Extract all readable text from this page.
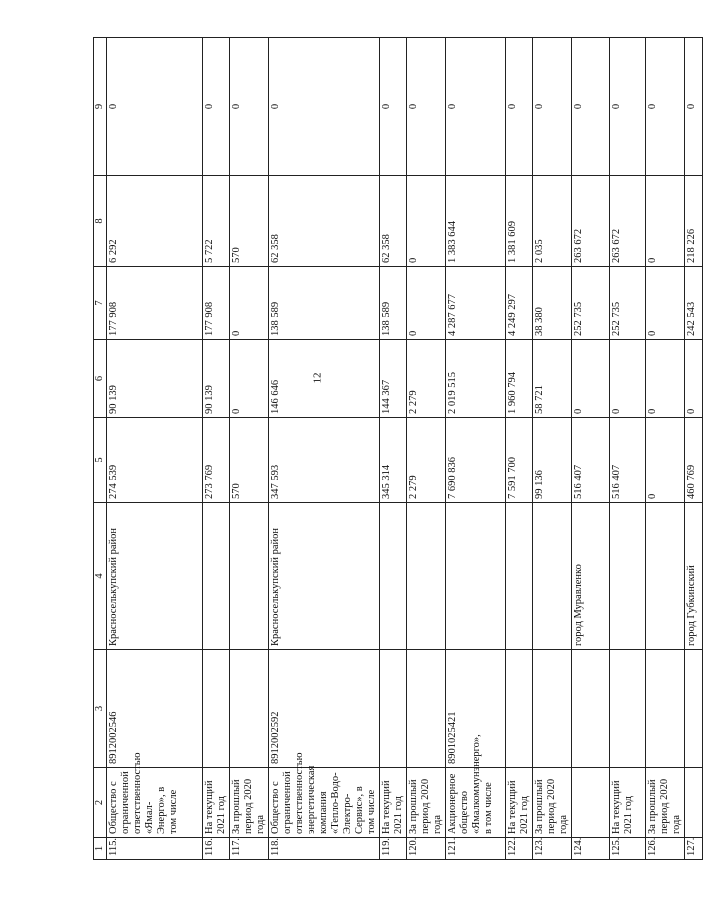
12
1	2	3	4	5	6	7	8	9
115.	Общество с ограниченной ответственностью «Ямал-Энерго», в том числе	8912002546	Красноселькупский район	274 539	90 139	177 908	6 292	0
116.	На текущий 2021 год			273 769	90 139	177 908	5 722	0
117.	За прошлый период 2020 года			570	0	0	570	0
118.	Общество с ограниченной ответственностью энергетическая компания «Тепло-Водо-Электро-Сервис», в том числе	8912002592	Красноселькупский район	347 593	146 646	138 589	62 358	0
119.	На текущий 2021 год			345 314	144 367	138 589	62 358	0
120.	За прошлый период 2020 года			2 279	2 279	0	0	0
121.	Акционерное общество «Ямалкоммунэнерго», в том числе	8901025421		7 690 836	2 019 515	4 287 677	1 383 644	0
122.	На текущий 2021 год			7 591 700	1 960 794	4 249 297	1 381 609	0
123.	За прошлый период 2020 года			99 136	58 721	38 380	2 035	0
124.			город Муравленко	516 407	0	252 735	263 672	0
125.	На текущий 2021 год			516 407	0	252 735	263 672	0
126.	За прошлый период 2020 года			0	0	0	0	0
127.			город Губкинский	460 769	0	242 543	218 226	0
